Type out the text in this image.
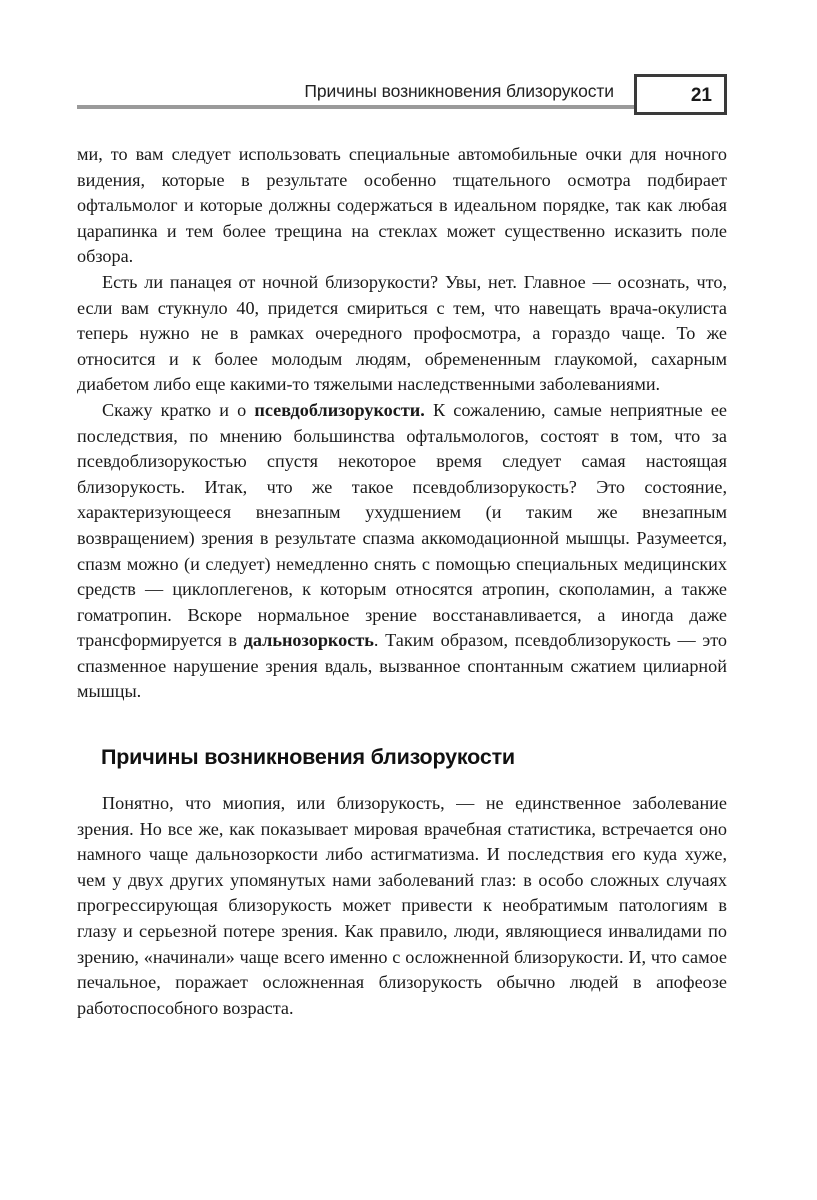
Причины возникновения близорукости	21

ми, то вам следует использовать специальные автомобильные очки для ночного видения, которые в результате особенно тщательного осмотра подбирает офтальмолог и которые должны содержаться в идеальном порядке, так как любая царапинка и тем более трещина на стеклах может существенно исказить поле обзора.

Есть ли панацея от ночной близорукости? Увы, нет. Главное — осознать, что, если вам стукнуло 40, придется смириться с тем, что навещать врача-окулиста теперь нужно не в рамках очередного профосмотра, а гораздо чаще. То же относится и к более молодым людям, обремененным глаукомой, сахарным диабетом либо еще какими-то тяжелыми наследственными заболеваниями.

Скажу кратко и о псевдоблизорукости. К сожалению, самые неприятные ее последствия, по мнению большинства офтальмологов, состоят в том, что за псевдоблизорукостью спустя некоторое время следует самая настоящая близорукость. Итак, что же такое псевдоблизорукость? Это состояние, характеризующееся внезапным ухудшением (и таким же внезапным возвращением) зрения в результате спазма аккомодационной мышцы. Разумеется, спазм можно (и следует) немедленно снять с помощью специальных медицинских средств — циклоплегенов, к которым относятся атропин, скополамин, а также гоматропин. Вскоре нормальное зрение восстанавливается, а иногда даже трансформируется в дальнозоркость. Таким образом, псевдоблизорукость — это спазменное нарушение зрения вдаль, вызванное спонтанным сжатием цилиарной мышцы.

Причины возникновения близорукости

Понятно, что миопия, или близорукость, — не единственное заболевание зрения. Но все же, как показывает мировая врачебная статистика, встречается оно намного чаще дальнозоркости либо астигматизма. И последствия его куда хуже, чем у двух других упомянутых нами заболеваний глаз: в особо сложных случаях прогрессирующая близорукость может привести к необратимым патологиям в глазу и серьезной потере зрения. Как правило, люди, являющиеся инвалидами по зрению, «начинали» чаще всего именно с осложненной близорукости. И, что самое печальное, поражает осложненная близорукость обычно людей в апофеозе работоспособного возраста.
